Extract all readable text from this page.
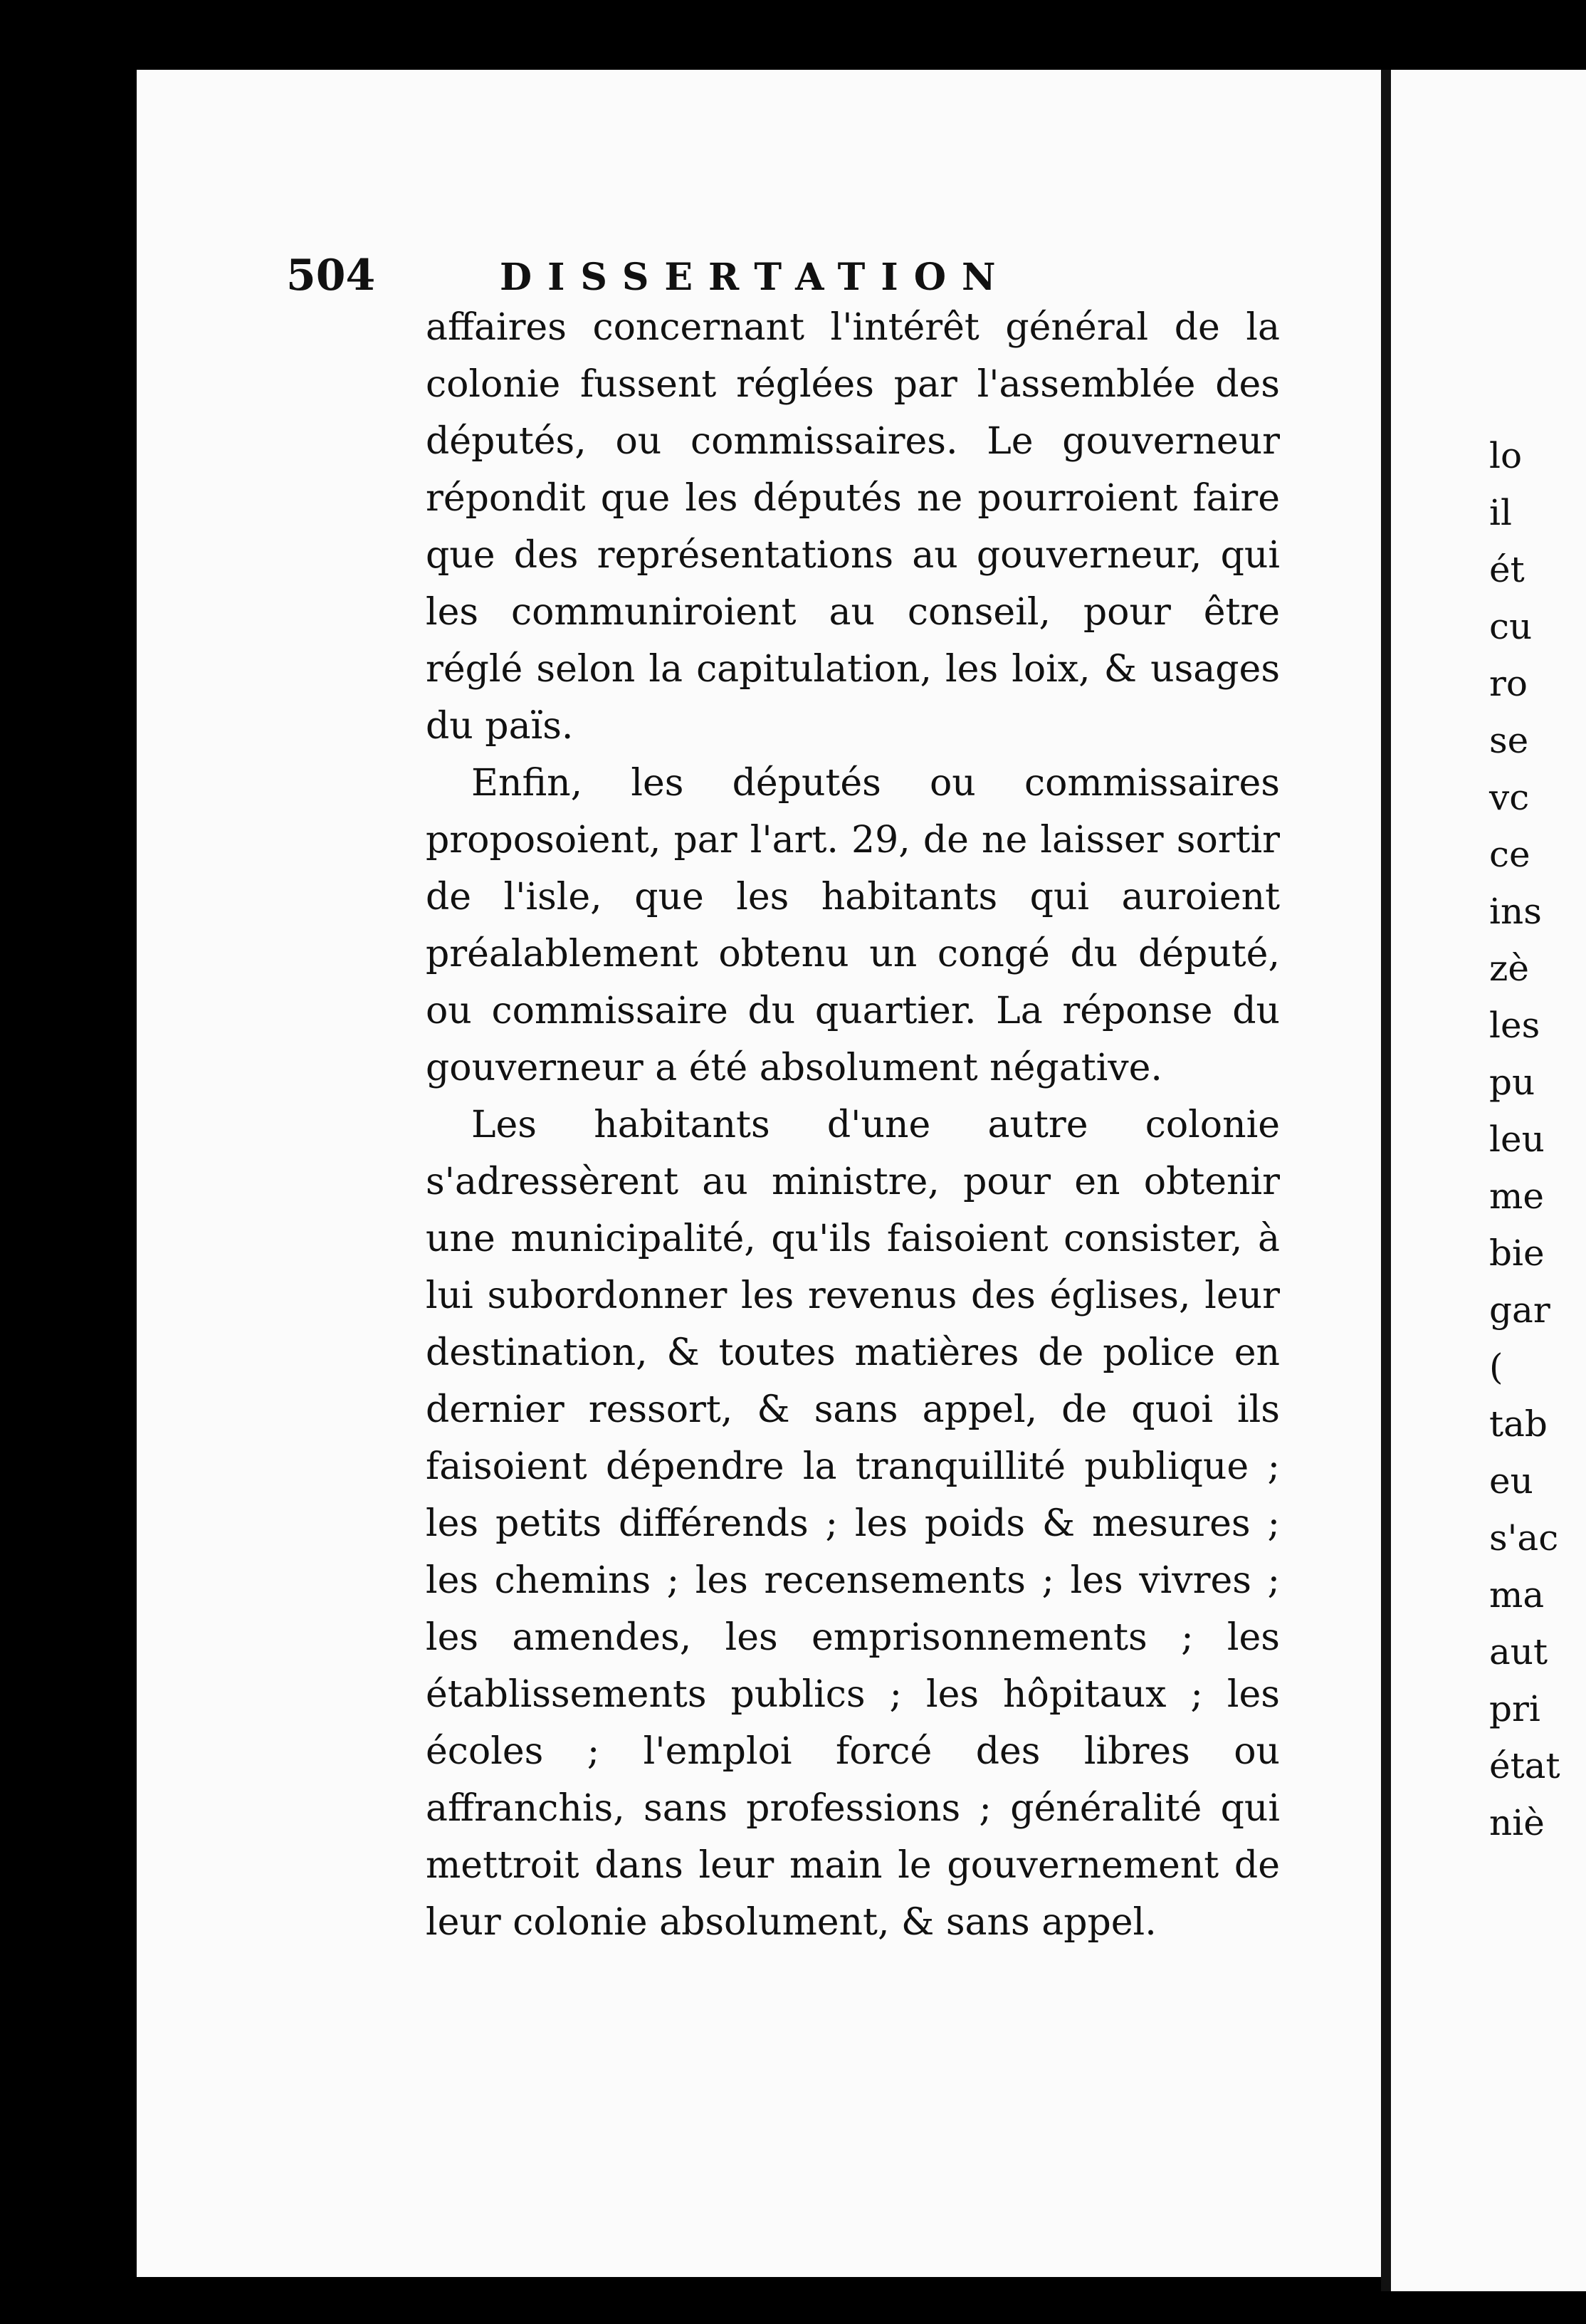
504	DISSERTATION

affaires concernant l'intérêt général de la colonie fussent réglées par l'assemblée des députés, ou commissaires. Le gouverneur répondit que les députés ne pourroient faire que des représentations au gouverneur, qui les communiroient au conseil, pour être réglé selon la capitulation, les loix, & usages du païs.

Enfin, les députés ou commissaires proposoient, par l'art. 29, de ne laisser sortir de l'isle, que les habitants qui auroient préalablement obtenu un congé du député, ou commissaire du quartier. La réponse du gouverneur a été absolument négative.

Les habitants d'une autre colonie s'adressèrent au ministre, pour en obtenir une municipalité, qu'ils faisoient consister, à lui subordonner les revenus des églises, leur destination, & toutes matières de police en dernier ressort, & sans appel, de quoi ils faisoient dépendre la tranquillité publique ; les petits différends ; les poids & mesures ; les chemins ; les recensements ; les vivres ; les amendes, les emprisonnements ; les établissements publics ; les hôpitaux ; les écoles ; l'emploi forcé des libres ou affranchis, sans professions ; généralité qui mettroit dans leur main le gouvernement de leur colonie absolument, & sans appel.

lo
il
ét
cu
ro
se
vc
ce
ins
zè
les
pu
leu
me
bie
gar
(
tab
eu
s'ac
ma
aut
pri
état
niè
